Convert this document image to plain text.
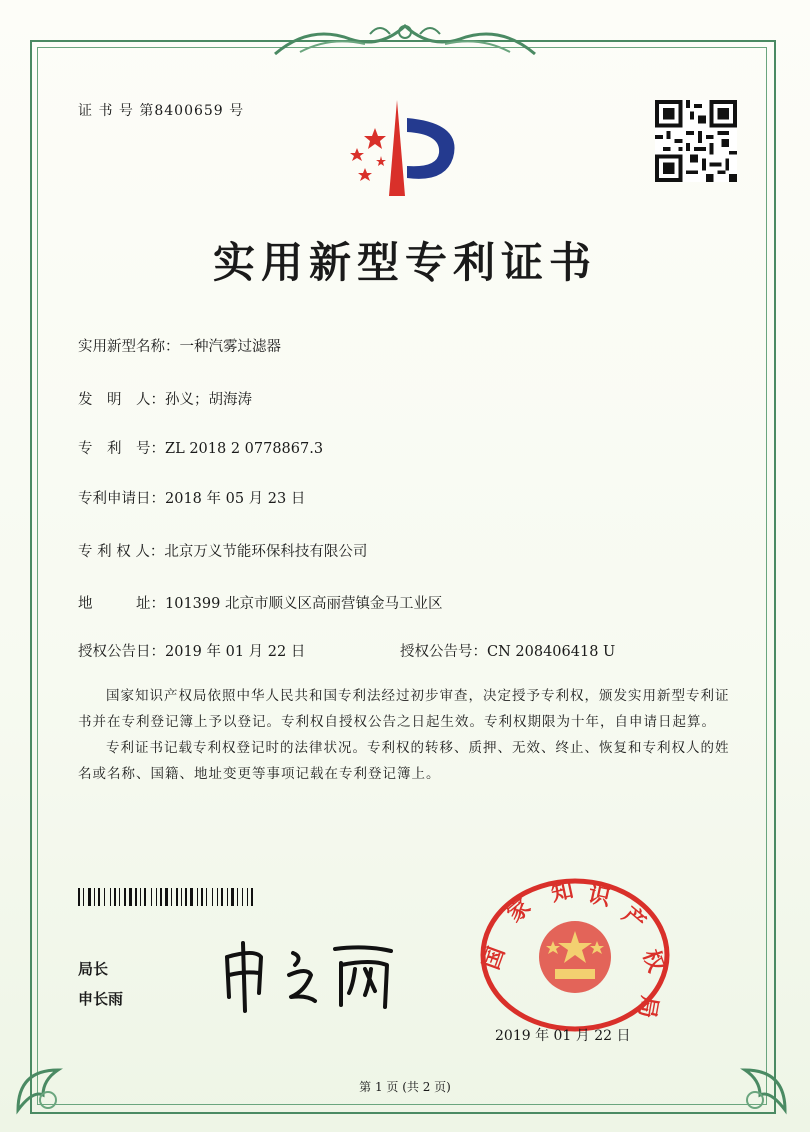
证 书 号 第8400659 号
实用新型专利证书
实用新型名称：一种汽雾过滤器
发　明　人：孙义；胡海涛
专　利　号：ZL 2018 2 0778867.3
专利申请日：2018 年 05 月 23 日
专 利 权 人：北京万义节能环保科技有限公司
地　　　址：101399 北京市顺义区高丽营镇金马工业区
授权公告日：2019 年 01 月 22 日	授权公告号：CN 208406418 U

国家知识产权局依照中华人民共和国专利法经过初步审查，决定授予专利权，颁发实用新型专利证书并在专利登记簿上予以登记。专利权自授权公告之日起生效。专利权期限为十年，自申请日起算。

专利证书记载专利权登记时的法律状况。专利权的转移、质押、无效、终止、恢复和专利权人的姓名或名称、国籍、地址变更等事项记载在专利登记簿上。

局长
申长雨
国
家
知 识
产
权
局
2019 年 01 月 22 日
第 1 页 (共 2 页)
